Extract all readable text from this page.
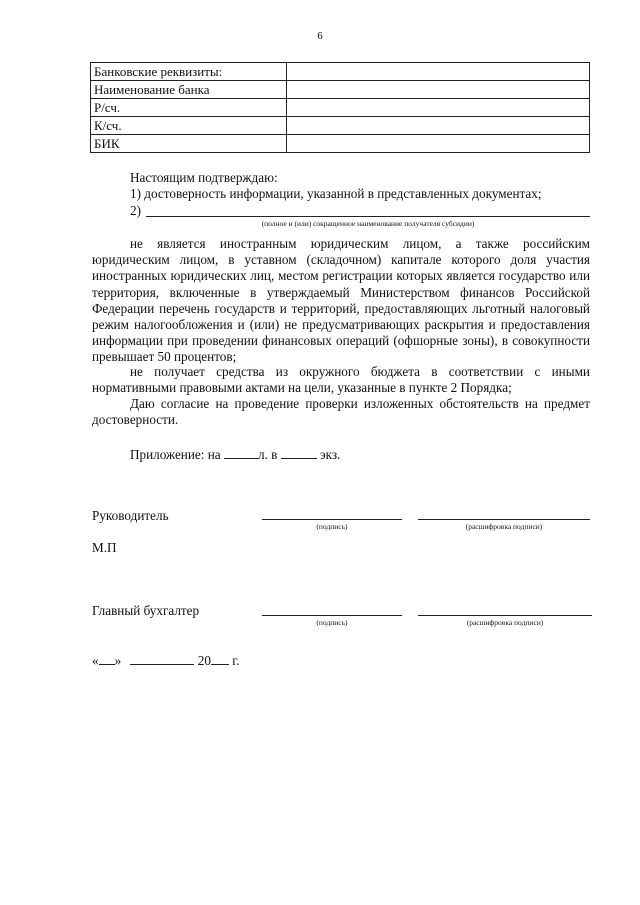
6
Банковские реквизиты:	
Наименование банка	
Р/сч.	
К/сч.	
БИК	
Настоящим подтверждаю:
1) достоверность информации, указанной в представленных документах;
2)
(полное и (или) сокращенное наименование получателя субсидии)
не является иностранным юридическим лицом, а также российским юридическим лицом, в уставном (складочном) капитале которого доля участия иностранных юридических лиц, местом регистрации которых является государство или территория, включенные в утверждаемый Министерством финансов Российской Федерации перечень государств и территорий, предоставляющих льготный налоговый режим налогообложения и (или) не предусматривающих раскрытия и предоставления информации при проведении финансовых операций (офшорные зоны), в совокупности превышает 50 процентов;
не получает средства из окружного бюджета в соответствии с иными нормативными правовыми актами на цели, указанные в пункте 2 Порядка;
Даю согласие на проведение проверки изложенных обстоятельств на предмет достоверности.
Приложение: на	л. в	экз.
Руководитель
(подпись)	(расшифровка подписи)
М.П
Главный бухгалтер
(подпись)	(расшифровка подписи)
« »	20 г.
